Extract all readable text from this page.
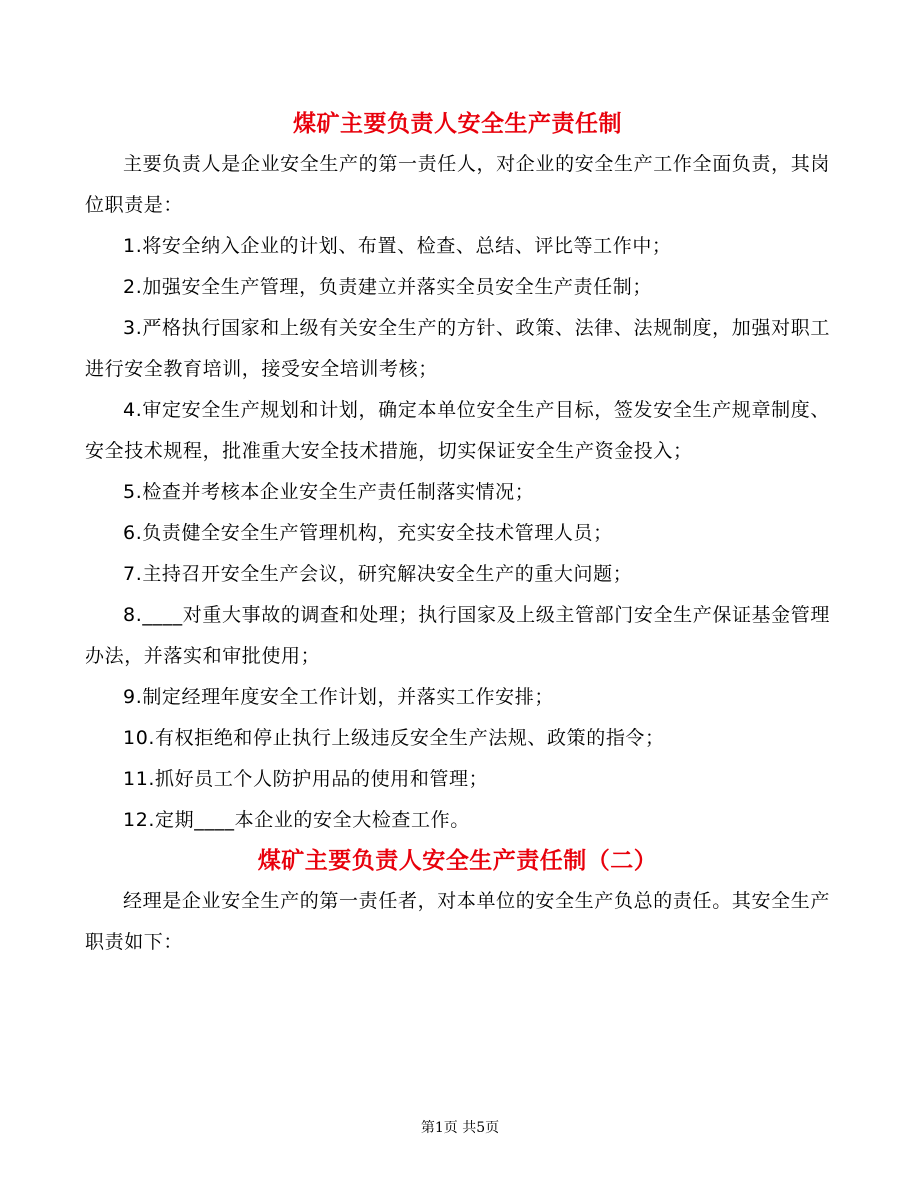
煤矿主要负责人安全生产责任制

主要负责人是企业安全生产的第一责任人，对企业的安全生产工作全面负责，其岗位职责是：

1.将安全纳入企业的计划、布置、检查、总结、评比等工作中；

2.加强安全生产管理，负责建立并落实全员安全生产责任制；

3.严格执行国家和上级有关安全生产的方针、政策、法律、法规制度，加强对职工进行安全教育培训，接受安全培训考核；

4.审定安全生产规划和计划，确定本单位安全生产目标，签发安全生产规章制度、安全技术规程，批准重大安全技术措施，切实保证安全生产资金投入；

5.检查并考核本企业安全生产责任制落实情况；

6.负责健全安全生产管理机构，充实安全技术管理人员；

7.主持召开安全生产会议，研究解决安全生产的重大问题；

8.____对重大事故的调查和处理；执行国家及上级主管部门安全生产保证基金管理办法，并落实和审批使用；

9.制定经理年度安全工作计划，并落实工作安排；

10.有权拒绝和停止执行上级违反安全生产法规、政策的指令；

11.抓好员工个人防护用品的使用和管理；

12.定期____本企业的安全大检查工作。

煤矿主要负责人安全生产责任制（二）

经理是企业安全生产的第一责任者，对本单位的安全生产负总的责任。其安全生产职责如下：

第1页 共5页
